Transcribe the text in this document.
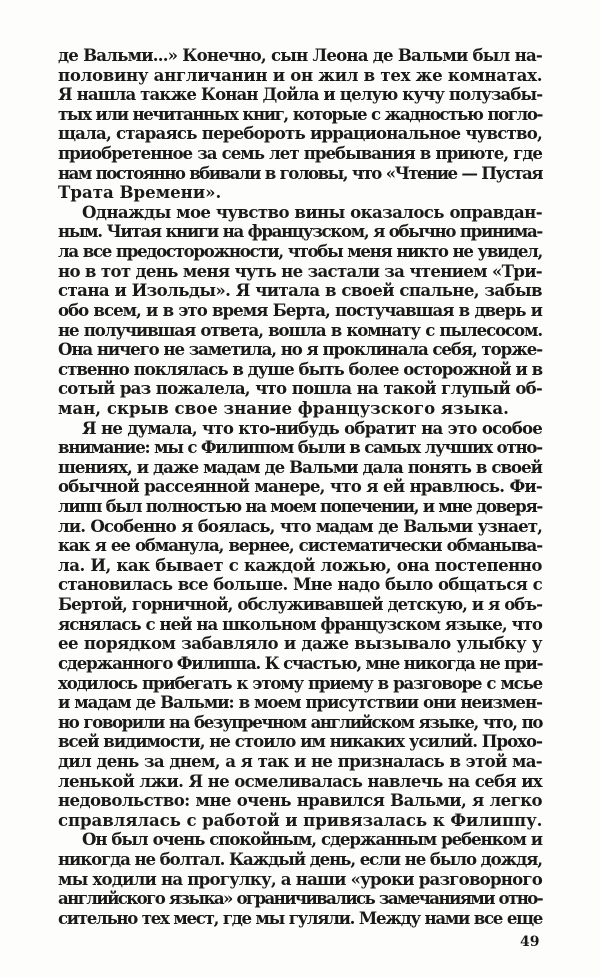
де Вальми...» Конечно, сын Леона де Вальми был на-
половину англичанин и он жил в тех же комнатах.
Я нашла также Конан Дойла и целую кучу полузабы-
тых или нечитанных книг, которые с жадностью погло-
щала, стараясь перебороть иррациональное чувство,
приобретенное за семь лет пребывания в приюте, где
нам постоянно вбивали в головы, что «Чтение — Пустая
Трата Времени».
Однажды мое чувство вины оказалось оправдан-
ным. Читая книги на французском, я обычно принима-
ла все предосторожности, чтобы меня никто не увидел,
но в тот день меня чуть не застали за чтением «Три-
стана и Изольды». Я читала в своей спальне, забыв
обо всем, и в это время Берта, постучавшая в дверь и
не получившая ответа, вошла в комнату с пылесосом.
Она ничего не заметила, но я проклинала себя, торже-
ственно поклялась в душе быть более осторожной и в
сотый раз пожалела, что пошла на такой глупый об-
ман, скрыв свое знание французского языка.
Я не думала, что кто-нибудь обратит на это особое
внимание: мы с Филиппом были в самых лучших отно-
шениях, и даже мадам де Вальми дала понять в своей
обычной рассеянной манере, что я ей нравлюсь. Фи-
липп был полностью на моем попечении, и мне доверя-
ли. Особенно я боялась, что мадам де Вальми узнает,
как я ее обманула, вернее, систематически обманыва-
ла. И, как бывает с каждой ложью, она постепенно
становилась все больше. Мне надо было общаться с
Бертой, горничной, обслуживавшей детскую, и я объ-
яснялась с ней на школьном французском языке, что
ее порядком забавляло и даже вызывало улыбку у
сдержанного Филиппа. К счастью, мне никогда не при-
ходилось прибегать к этому приему в разговоре с мсье
и мадам де Вальми: в моем присутствии они неизмен-
но говорили на безупречном английском языке, что, по
всей видимости, не стоило им никаких усилий. Прохо-
дил день за днем, а я так и не призналась в этой ма-
ленькой лжи. Я не осмеливалась навлечь на себя их
недовольство: мне очень нравился Вальми, я легко
справлялась с работой и привязалась к Филиппу.
Он был очень спокойным, сдержанным ребенком и
никогда не болтал. Каждый день, если не было дождя,
мы ходили на прогулку, а наши «уроки разговорного
английского языка» ограничивались замечаниями отно-
сительно тех мест, где мы гуляли. Между нами все еще
49
